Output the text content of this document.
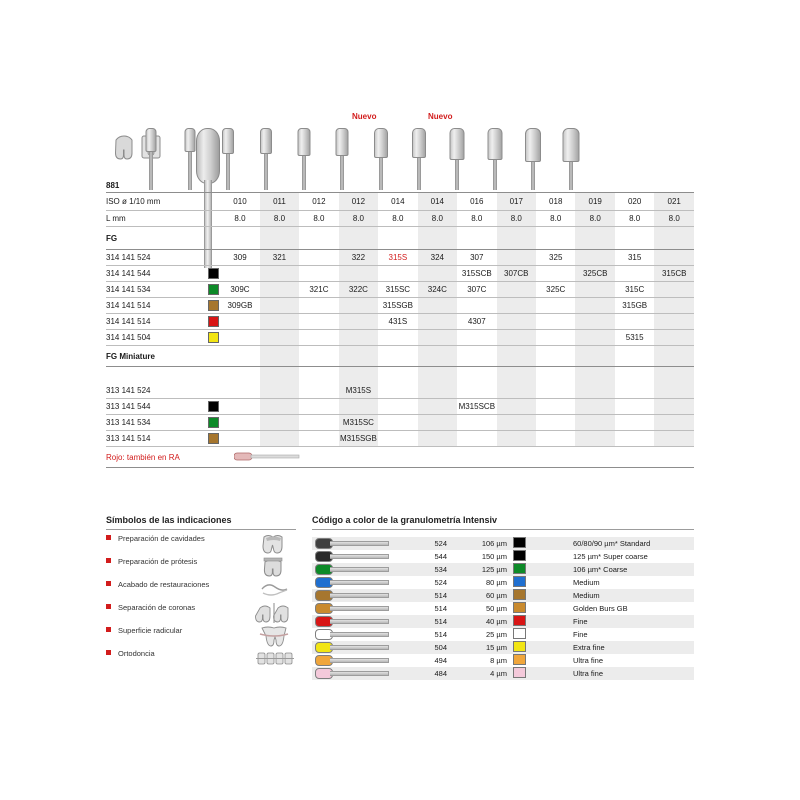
Nuevo	Nuevo
881													
ISO ø 1/10 mm		010	011	012	012	014	014	016	017	018	019	020	021
L mm		8.0	8.0	8.0	8.0	8.0	8.0	8.0	8.0	8.0	8.0	8.0	8.0
FG													
314 141 524		309	321		322	315S	324	307		325		315	
314 141 544								315SCB	307CB		325CB		315CB
314 141 534		309C		321C	322C	315SC	324C	307C		325C		315C	
314 141 514		309GB				315SGB						315GB	
314 141 514						431S		4307					
314 141 504												5315	
FG Miniature													

313 141 524					M315S								
313 141 544								M315SCB					
313 141 534					M315SC								
313 141 514					M315SGB								
Rojo: también en RA		
Símbolos de las indicaciones
Preparación de cavidades
Preparación de prótesis
Acabado de restauraciones
Separación de coronas
Superficie radicular
Ortodoncia
Código a color de la granulometría Intensiv
	524	106 µm		60/80/90 µm* Standard

	544	150 µm		125 µm* Super coarse

	534	125 µm		106 µm* Coarse

	524	80 µm		Medium

	514	60 µm		Medium

	514	50 µm		Golden Burs GB

	514	40 µm		Fine

	514	25 µm		Fine

	504	15 µm		Extra fine

	494	8 µm		Ultra fine

	484	4 µm		Ultra fine
